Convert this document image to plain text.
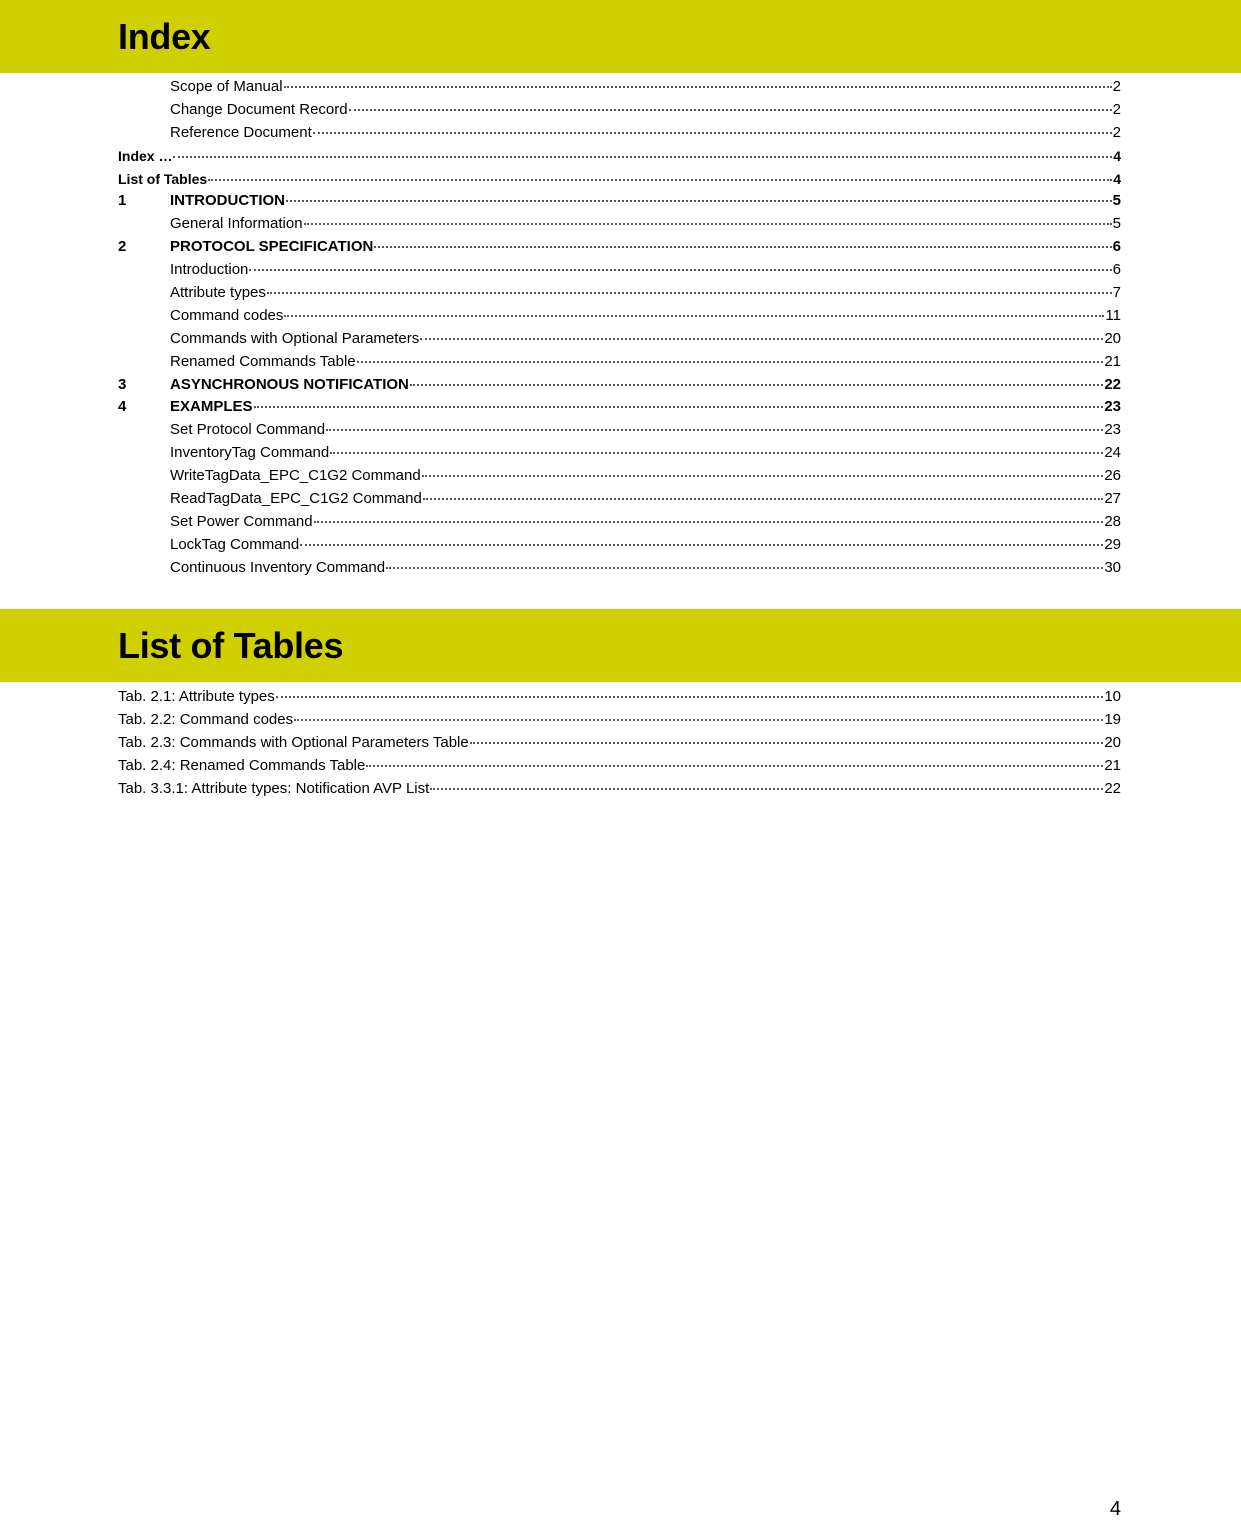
Index
Scope of Manual	2
Change Document Record	2
Reference Document	2
Index …	4
List of Tables	4
1	INTRODUCTION	5
General Information	5
2	PROTOCOL SPECIFICATION	6
Introduction	6
Attribute types	7
Command codes	11
Commands with Optional Parameters	20
Renamed Commands Table	21
3	ASYNCHRONOUS NOTIFICATION	22
4	EXAMPLES	23
Set Protocol Command	23
InventoryTag Command	24
WriteTagData_EPC_C1G2 Command	26
ReadTagData_EPC_C1G2 Command	27
Set Power Command	28
LockTag Command	29
Continuous Inventory Command	30
List of Tables
Tab. 2.1: Attribute types	10
Tab. 2.2: Command codes	19
Tab. 2.3: Commands with Optional Parameters Table	20
Tab. 2.4: Renamed Commands Table	21
Tab. 3.3.1: Attribute types: Notification AVP List	22
4
